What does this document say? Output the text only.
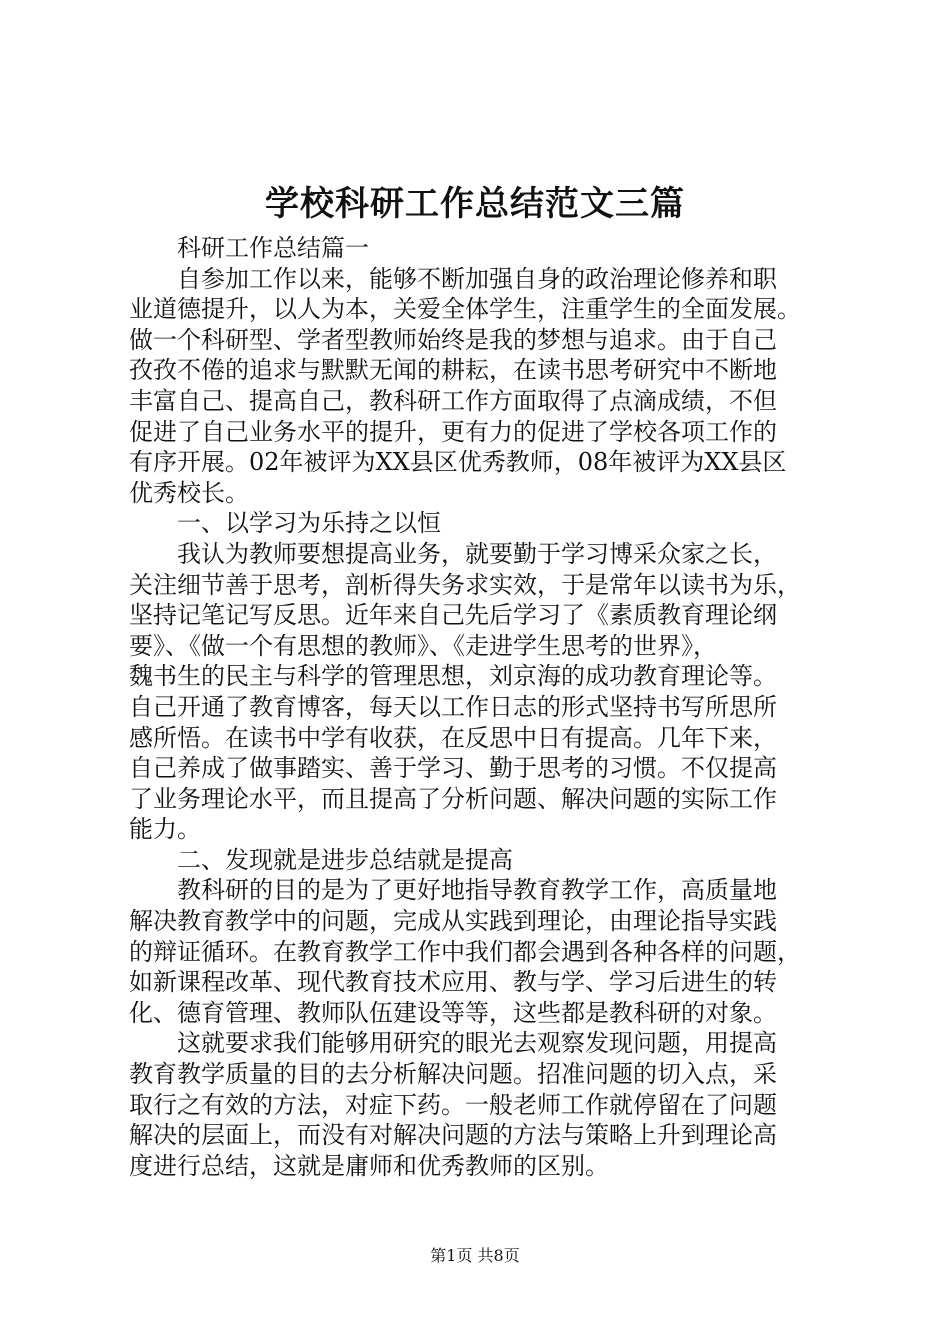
学校科研工作总结范文三篇
　　科研工作总结篇一
　　自参加工作以来，能够不断加强自身的政治理论修养和职
业道德提升，以人为本，关爱全体学生，注重学生的全面发展。
做一个科研型、学者型教师始终是我的梦想与追求。由于自己
孜孜不倦的追求与默默无闻的耕耘，在读书思考研究中不断地
丰富自己、提高自己，教科研工作方面取得了点滴成绩，不但
促进了自己业务水平的提升，更有力的促进了学校各项工作的
有序开展。02年被评为XX县区优秀教师，08年被评为XX县区
优秀校长。
　　一、以学习为乐持之以恒
　　我认为教师要想提高业务，就要勤于学习博采众家之长，
关注细节善于思考，剖析得失务求实效，于是常年以读书为乐，
坚持记笔记写反思。近年来自己先后学习了《素质教育理论纲
要》、《做一个有思想的教师》、《走进学生思考的世界》，
魏书生的民主与科学的管理思想，刘京海的成功教育理论等。
自己开通了教育博客，每天以工作日志的形式坚持书写所思所
感所悟。在读书中学有收获，在反思中日有提高。几年下来，
自己养成了做事踏实、善于学习、勤于思考的习惯。不仅提高
了业务理论水平，而且提高了分析问题、解决问题的实际工作
能力。
　　二、发现就是进步总结就是提高
　　教科研的目的是为了更好地指导教育教学工作，高质量地
解决教育教学中的问题，完成从实践到理论，由理论指导实践
的辩证循环。在教育教学工作中我们都会遇到各种各样的问题，
如新课程改革、现代教育技术应用、教与学、学习后进生的转
化、德育管理、教师队伍建设等等，这些都是教科研的对象。
　　这就要求我们能够用研究的眼光去观察发现问题，用提高
教育教学质量的目的去分析解决问题。招准问题的切入点，采
取行之有效的方法，对症下药。一般老师工作就停留在了问题
解决的层面上，而没有对解决问题的方法与策略上升到理论高
度进行总结，这就是庸师和优秀教师的区别。
第1页 共8页
